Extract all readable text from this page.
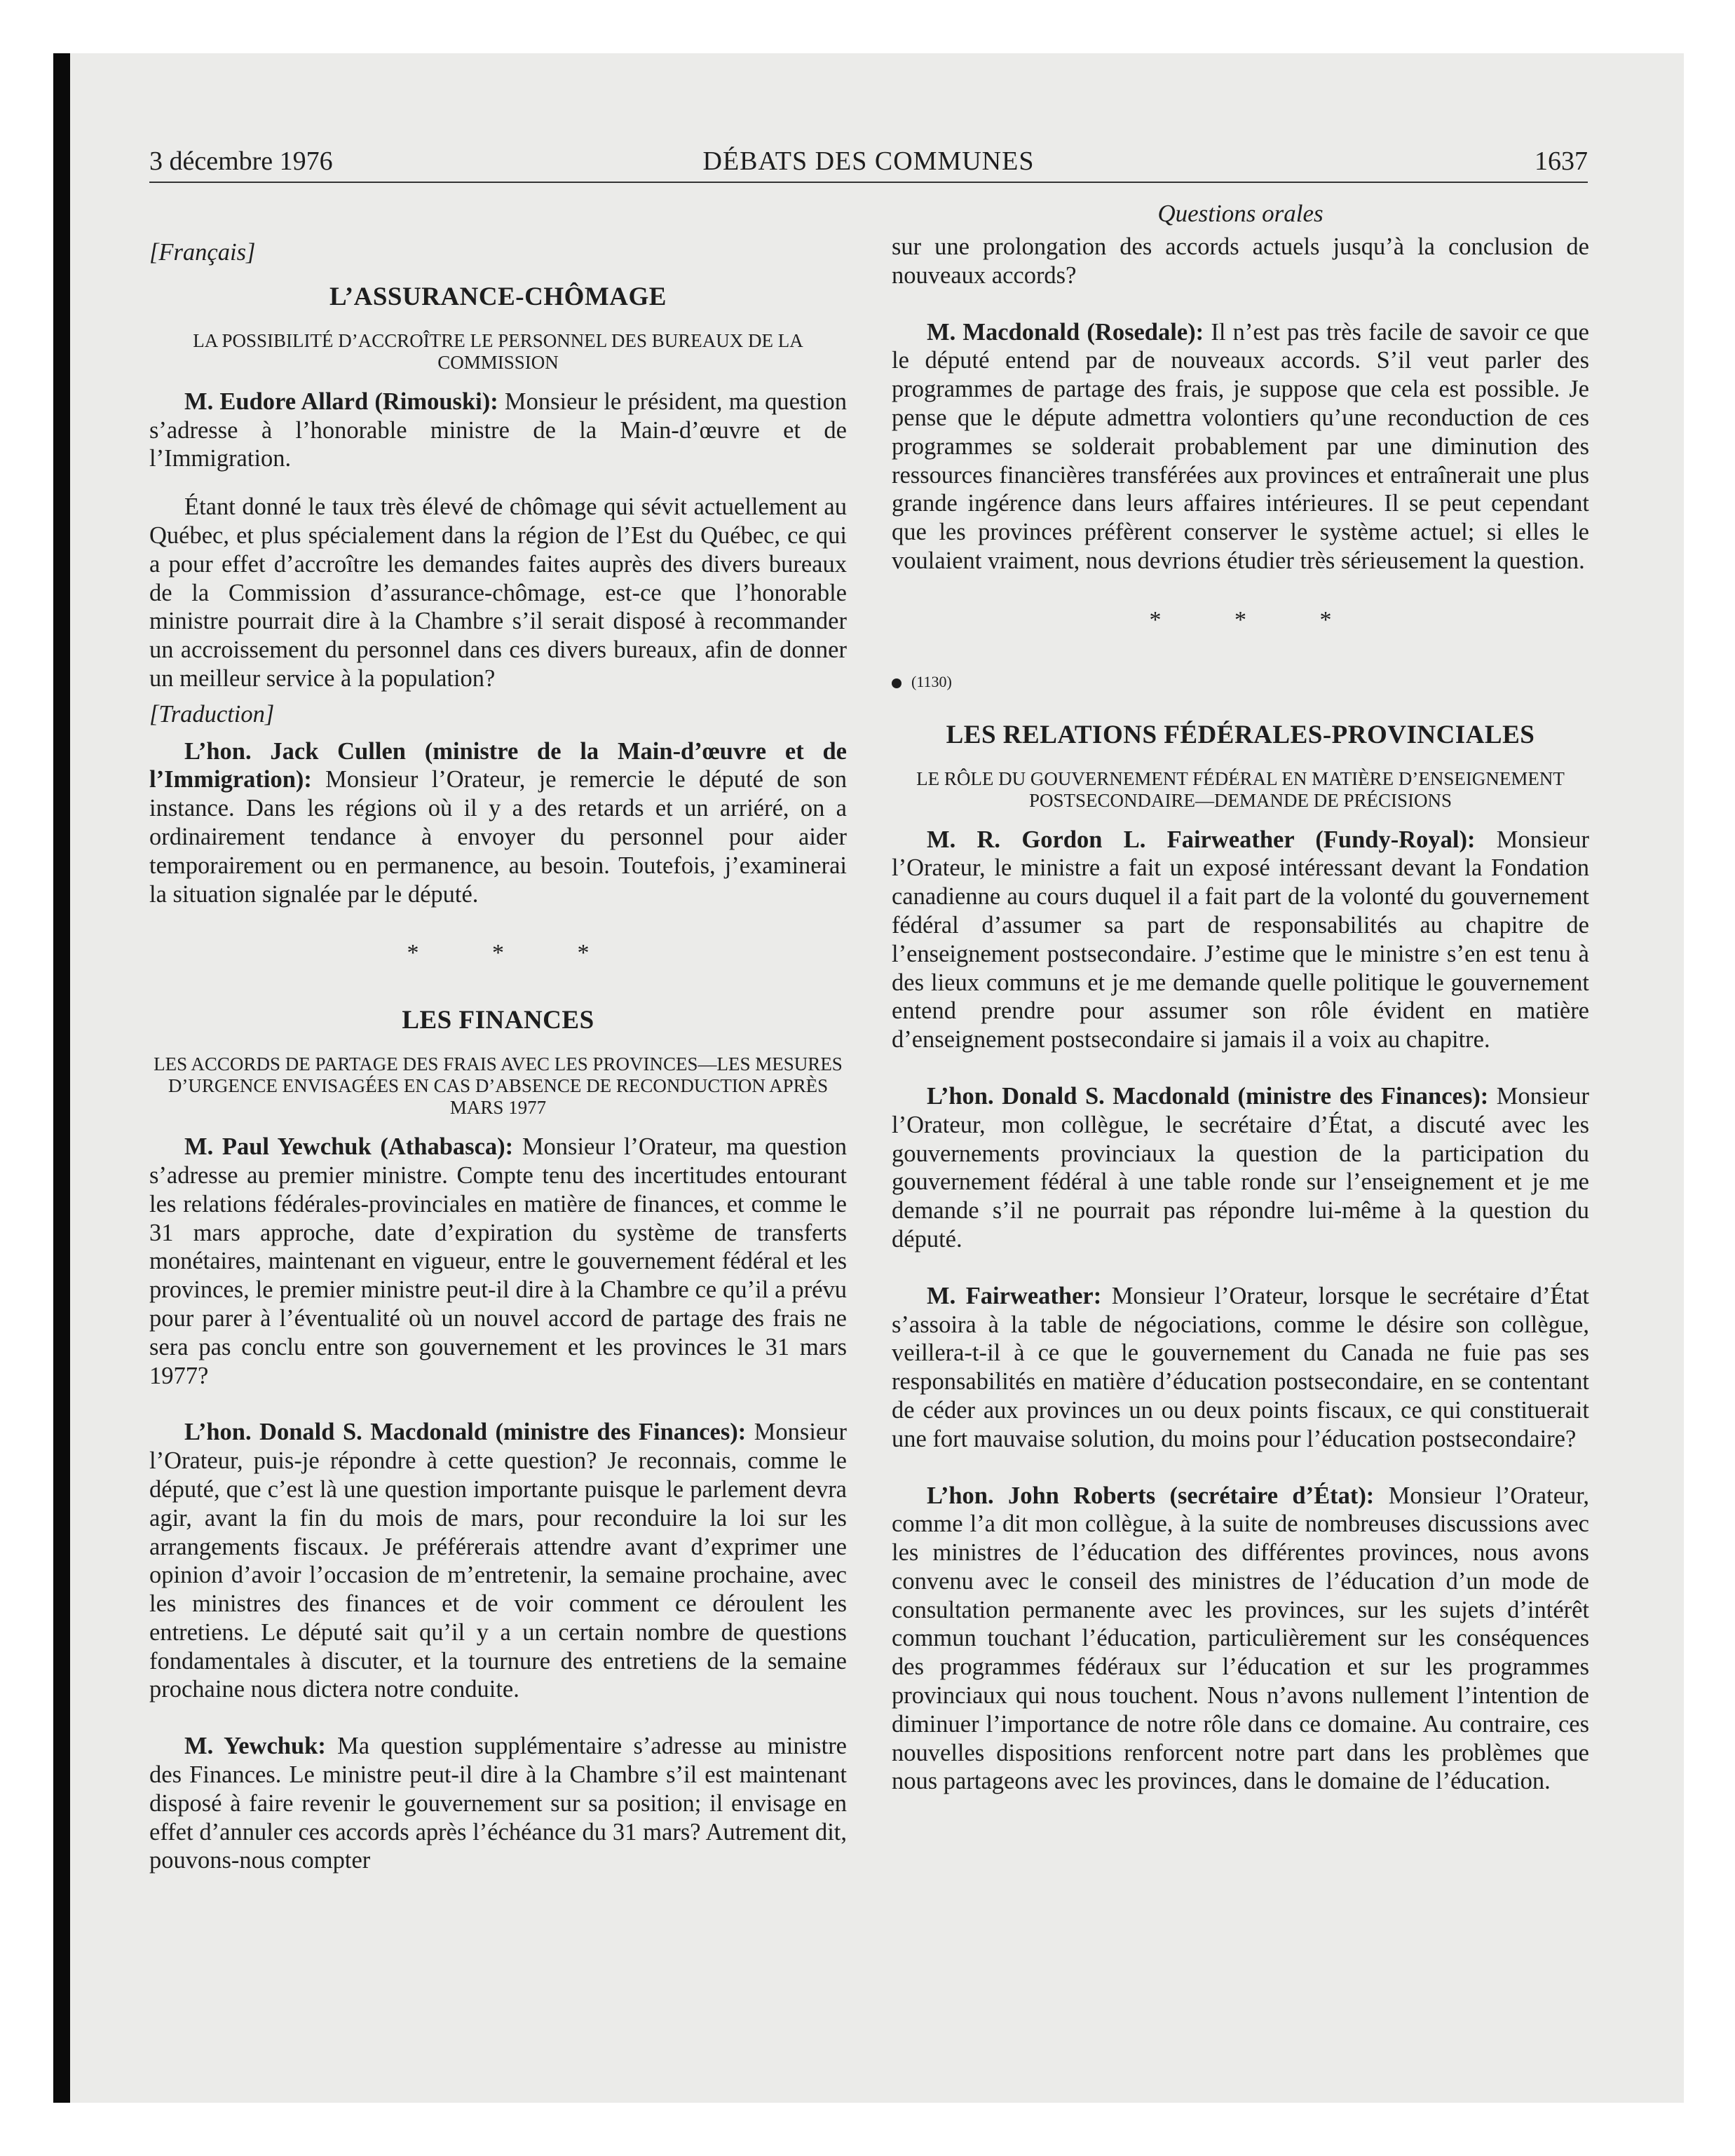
3 décembre 1976	DÉBATS DES COMMUNES	1637
Questions orales

[Français]

L’ASSURANCE-CHÔMAGE
LA POSSIBILITÉ D’ACCROÎTRE LE PERSONNEL DES BUREAUX DE LA COMMISSION

M. Eudore Allard (Rimouski): Monsieur le président, ma question s’adresse à l’honorable ministre de la Main-d’œuvre et de l’Immigration.

Étant donné le taux très élevé de chômage qui sévit actuellement au Québec, et plus spécialement dans la région de l’Est du Québec, ce qui a pour effet d’accroître les demandes faites auprès des divers bureaux de la Commission d’assurance-chômage, est-ce que l’honorable ministre pourrait dire à la Chambre s’il serait disposé à recommander un accroissement du personnel dans ces divers bureaux, afin de donner un meilleur service à la population?

[Traduction]

L’hon. Jack Cullen (ministre de la Main-d’œuvre et de l’Immigration): Monsieur l’Orateur, je remercie le député de son instance. Dans les régions où il y a des retards et un arriéré, on a ordinairement tendance à envoyer du personnel pour aider temporairement ou en permanence, au besoin. Toutefois, j’examinerai la situation signalée par le député.

* * *
LES FINANCES
LES ACCORDS DE PARTAGE DES FRAIS AVEC LES PROVINCES—LES MESURES D’URGENCE ENVISAGÉES EN CAS D’ABSENCE DE RECONDUCTION APRÈS MARS 1977

M. Paul Yewchuk (Athabasca): Monsieur l’Orateur, ma question s’adresse au premier ministre. Compte tenu des incertitudes entourant les relations fédérales-provinciales en matière de finances, et comme le 31 mars approche, date d’expiration du système de transferts monétaires, maintenant en vigueur, entre le gouvernement fédéral et les provinces, le premier ministre peut-il dire à la Chambre ce qu’il a prévu pour parer à l’éventualité où un nouvel accord de partage des frais ne sera pas conclu entre son gouvernement et les provinces le 31 mars 1977?

L’hon. Donald S. Macdonald (ministre des Finances): Monsieur l’Orateur, puis-je répondre à cette question? Je reconnais, comme le député, que c’est là une question importante puisque le parlement devra agir, avant la fin du mois de mars, pour reconduire la loi sur les arrangements fiscaux. Je préférerais attendre avant d’exprimer une opinion d’avoir l’occasion de m’entretenir, la semaine prochaine, avec les ministres des finances et de voir comment ce déroulent les entretiens. Le député sait qu’il y a un certain nombre de questions fondamentales à discuter, et la tournure des entretiens de la semaine prochaine nous dictera notre conduite.

M. Yewchuk: Ma question supplémentaire s’adresse au ministre des Finances. Le ministre peut-il dire à la Chambre s’il est maintenant disposé à faire revenir le gouvernement sur sa position; il envisage en effet d’annuler ces accords après l’échéance du 31 mars? Autrement dit, pouvons-nous compter

sur une prolongation des accords actuels jusqu’à la conclusion de nouveaux accords?

M. Macdonald (Rosedale): Il n’est pas très facile de savoir ce que le député entend par de nouveaux accords. S’il veut parler des programmes de partage des frais, je suppose que cela est possible. Je pense que le députe admettra volontiers qu’une reconduction de ces programmes se solderait probablement par une diminution des ressources financières transférées aux provinces et entraînerait une plus grande ingérence dans leurs affaires intérieures. Il se peut cependant que les provinces préfèrent conserver le système actuel; si elles le voulaient vraiment, nous devrions étudier très sérieusement la question.

* * *
(1130)
LES RELATIONS FÉDÉRALES-PROVINCIALES
LE RÔLE DU GOUVERNEMENT FÉDÉRAL EN MATIÈRE D’ENSEIGNEMENT POSTSECONDAIRE—DEMANDE DE PRÉCISIONS

M. R. Gordon L. Fairweather (Fundy-Royal): Monsieur l’Orateur, le ministre a fait un exposé intéressant devant la Fondation canadienne au cours duquel il a fait part de la volonté du gouvernement fédéral d’assumer sa part de responsabilités au chapitre de l’enseignement postsecondaire. J’estime que le ministre s’en est tenu à des lieux communs et je me demande quelle politique le gouvernement entend prendre pour assumer son rôle évident en matière d’enseignement postsecondaire si jamais il a voix au chapitre.

L’hon. Donald S. Macdonald (ministre des Finances): Monsieur l’Orateur, mon collègue, le secrétaire d’État, a discuté avec les gouvernements provinciaux la question de la participation du gouvernement fédéral à une table ronde sur l’enseignement et je me demande s’il ne pourrait pas répondre lui-même à la question du député.

M. Fairweather: Monsieur l’Orateur, lorsque le secrétaire d’État s’assoira à la table de négociations, comme le désire son collègue, veillera-t-il à ce que le gouvernement du Canada ne fuie pas ses responsabilités en matière d’éducation postsecondaire, en se contentant de céder aux provinces un ou deux points fiscaux, ce qui constituerait une fort mauvaise solution, du moins pour l’éducation postsecondaire?

L’hon. John Roberts (secrétaire d’État): Monsieur l’Orateur, comme l’a dit mon collègue, à la suite de nombreuses discussions avec les ministres de l’éducation des différentes provinces, nous avons convenu avec le conseil des ministres de l’éducation d’un mode de consultation permanente avec les provinces, sur les sujets d’intérêt commun touchant l’éducation, particulièrement sur les conséquences des programmes fédéraux sur l’éducation et sur les programmes provinciaux qui nous touchent. Nous n’avons nullement l’intention de diminuer l’importance de notre rôle dans ce domaine. Au contraire, ces nouvelles dispositions renforcent notre part dans les problèmes que nous partageons avec les provinces, dans le domaine de l’éducation.
